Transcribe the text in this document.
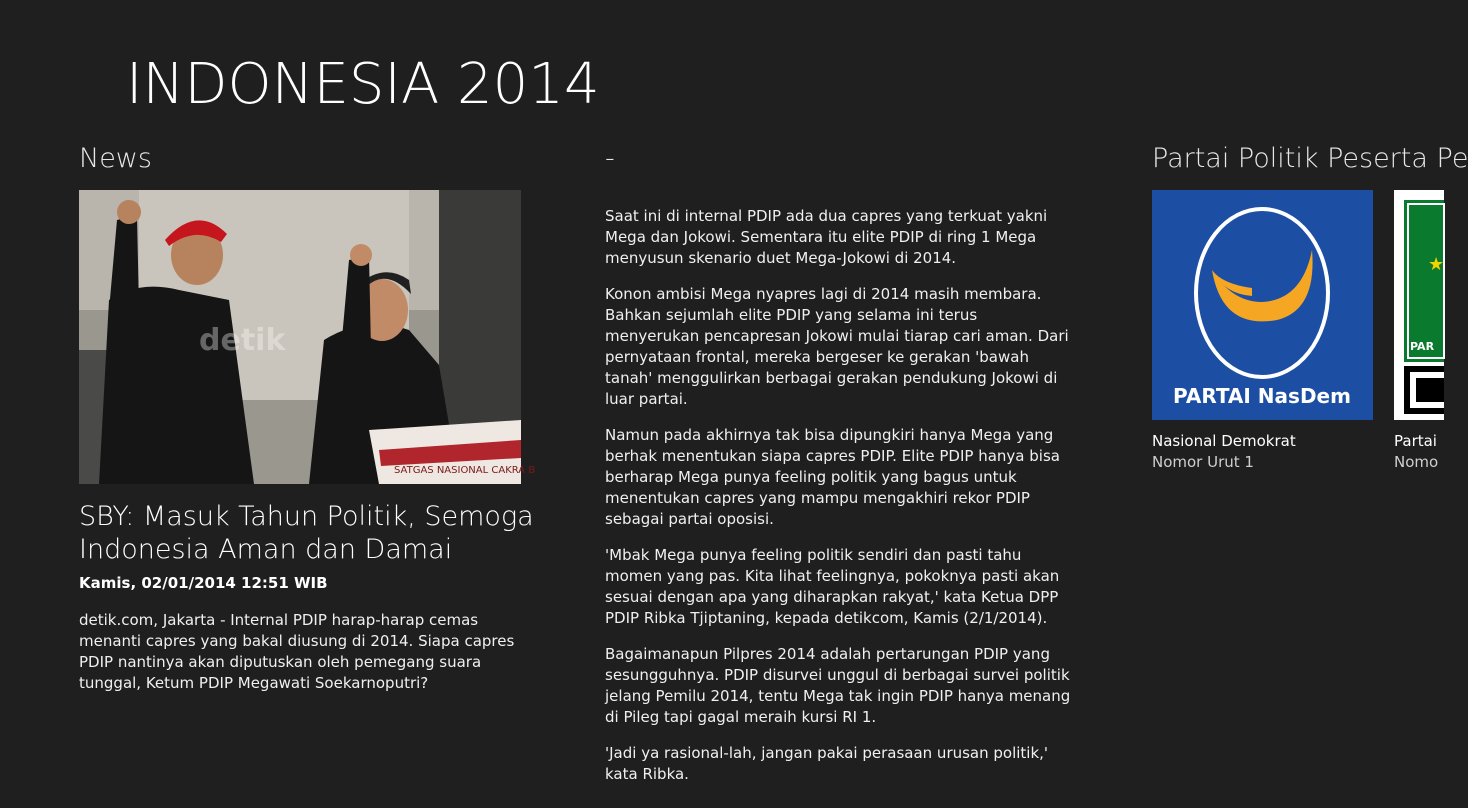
INDONESIA 2014
News	-	Partai Politik Peserta Pe
SATGAS NASIONAL CAKRA B
detik
SBY: Masuk Tahun Politik, Semoga Indonesia Aman dan Damai
Kamis, 02/01/2014 12:51 WIB

detik.com, Jakarta - Internal PDIP harap-harap cemas menanti capres yang bakal diusung di 2014. Siapa capres PDIP nantinya akan diputuskan oleh pemegang suara tunggal, Ketum PDIP Megawati Soekarnoputri?

Saat ini di internal PDIP ada dua capres yang terkuat yakni Mega dan Jokowi. Sementara itu elite PDIP di ring 1 Mega menyusun skenario duet Mega-Jokowi di 2014.

Konon ambisi Mega nyapres lagi di 2014 masih membara. Bahkan sejumlah elite PDIP yang selama ini terus menyerukan pencapresan Jokowi mulai tiarap cari aman. Dari pernyataan frontal, mereka bergeser ke gerakan 'bawah tanah' menggulirkan berbagai gerakan pendukung Jokowi di luar partai.

Namun pada akhirnya tak bisa dipungkiri hanya Mega yang berhak menentukan siapa capres PDIP. Elite PDIP hanya bisa berharap Mega punya feeling politik yang bagus untuk menentukan capres yang mampu mengakhiri rekor PDIP sebagai partai oposisi.

'Mbak Mega punya feeling politik sendiri dan pasti tahu momen yang pas. Kita lihat feelingnya, pokoknya pasti akan sesuai dengan apa yang diharapkan rakyat,' kata Ketua DPP PDIP Ribka Tjiptaning, kepada detikcom, Kamis (2/1/2014).

Bagaimanapun Pilpres 2014 adalah pertarungan PDIP yang sesungguhnya. PDIP disurvei unggul di berbagai survei politik jelang Pemilu 2014, tentu Mega tak ingin PDIP hanya menang di Pileg tapi gagal meraih kursi RI 1.

'Jadi ya rasional-lah, jangan pakai perasaan urusan politik,' kata Ribka.

PARTAI NasDem
★
PAR
Nasional Demokrat
Nomor Urut 1
Partai
Nomo
